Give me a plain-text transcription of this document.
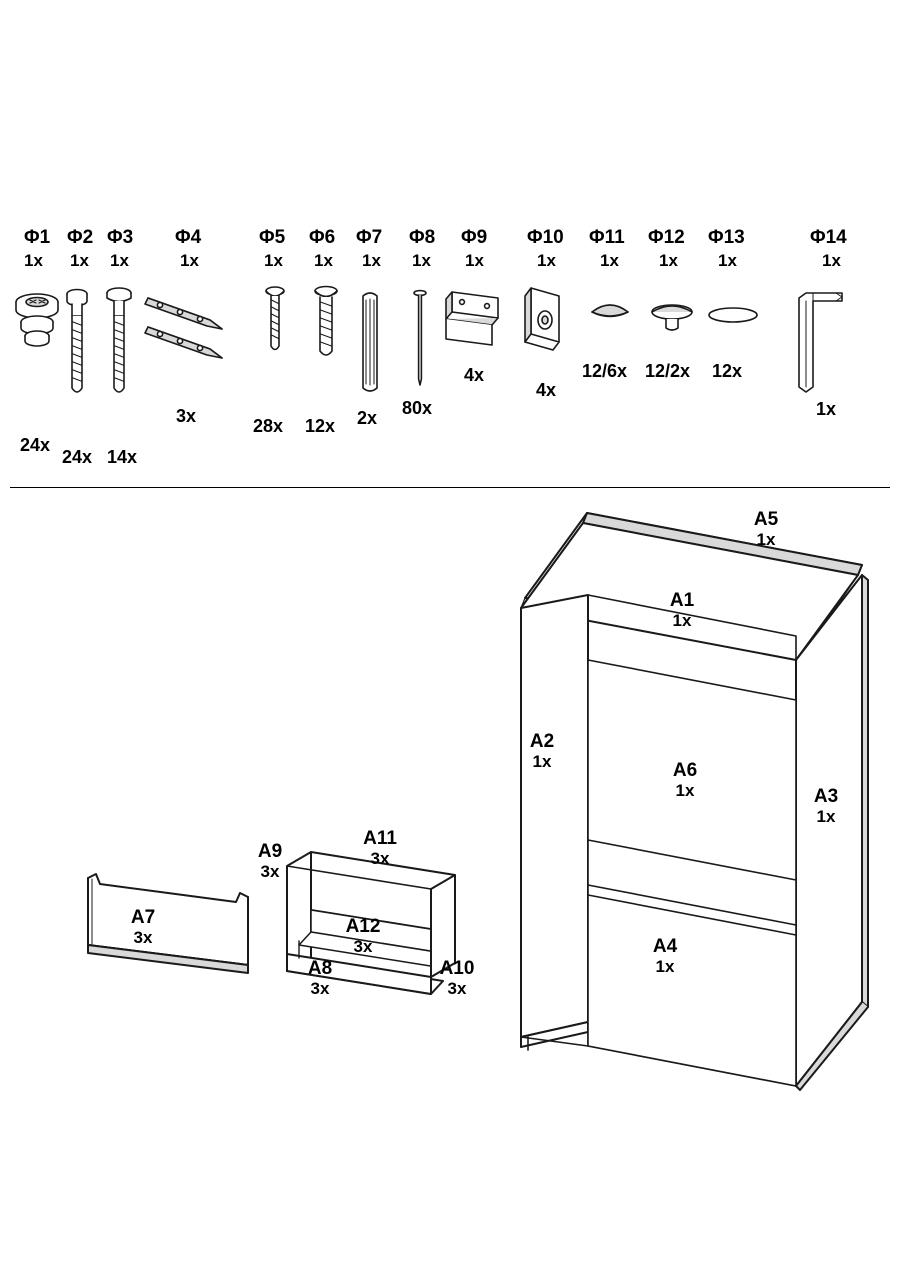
Φ1
1x
24x
Φ2
1x
24x
Φ3
1x
14x
Φ4
1x
3x
Φ5
1x
28x
Φ6
1x
12x
Φ7
1x
2x
Φ8
1x
80x
Φ9
1x
4x
Φ10
1x
4x
Φ11
1x
12/6x
Φ12
1x
12/2x
Φ13
1x
12x
Φ14
1x
1x
A5
1x
A1
1x
A2
1x	A6
1x	A3
1x
A4
1x
A7
3x
A9
3x
A11
3x
A12
3x
A8
3x
A10
3x
